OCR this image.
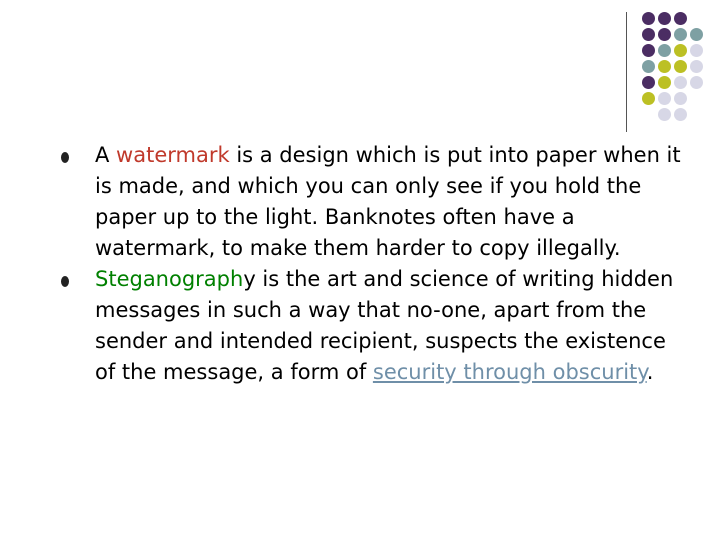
A watermark is a design which is put into paper when it is made, and which you can only see if you hold the paper up to the light. Banknotes often have a watermark, to make them harder to copy illegally.
Steganography is the art and science of writing hidden messages in such a way that no-one, apart from the sender and intended recipient, suspects the existence of the message, a form of security through obscurity.
